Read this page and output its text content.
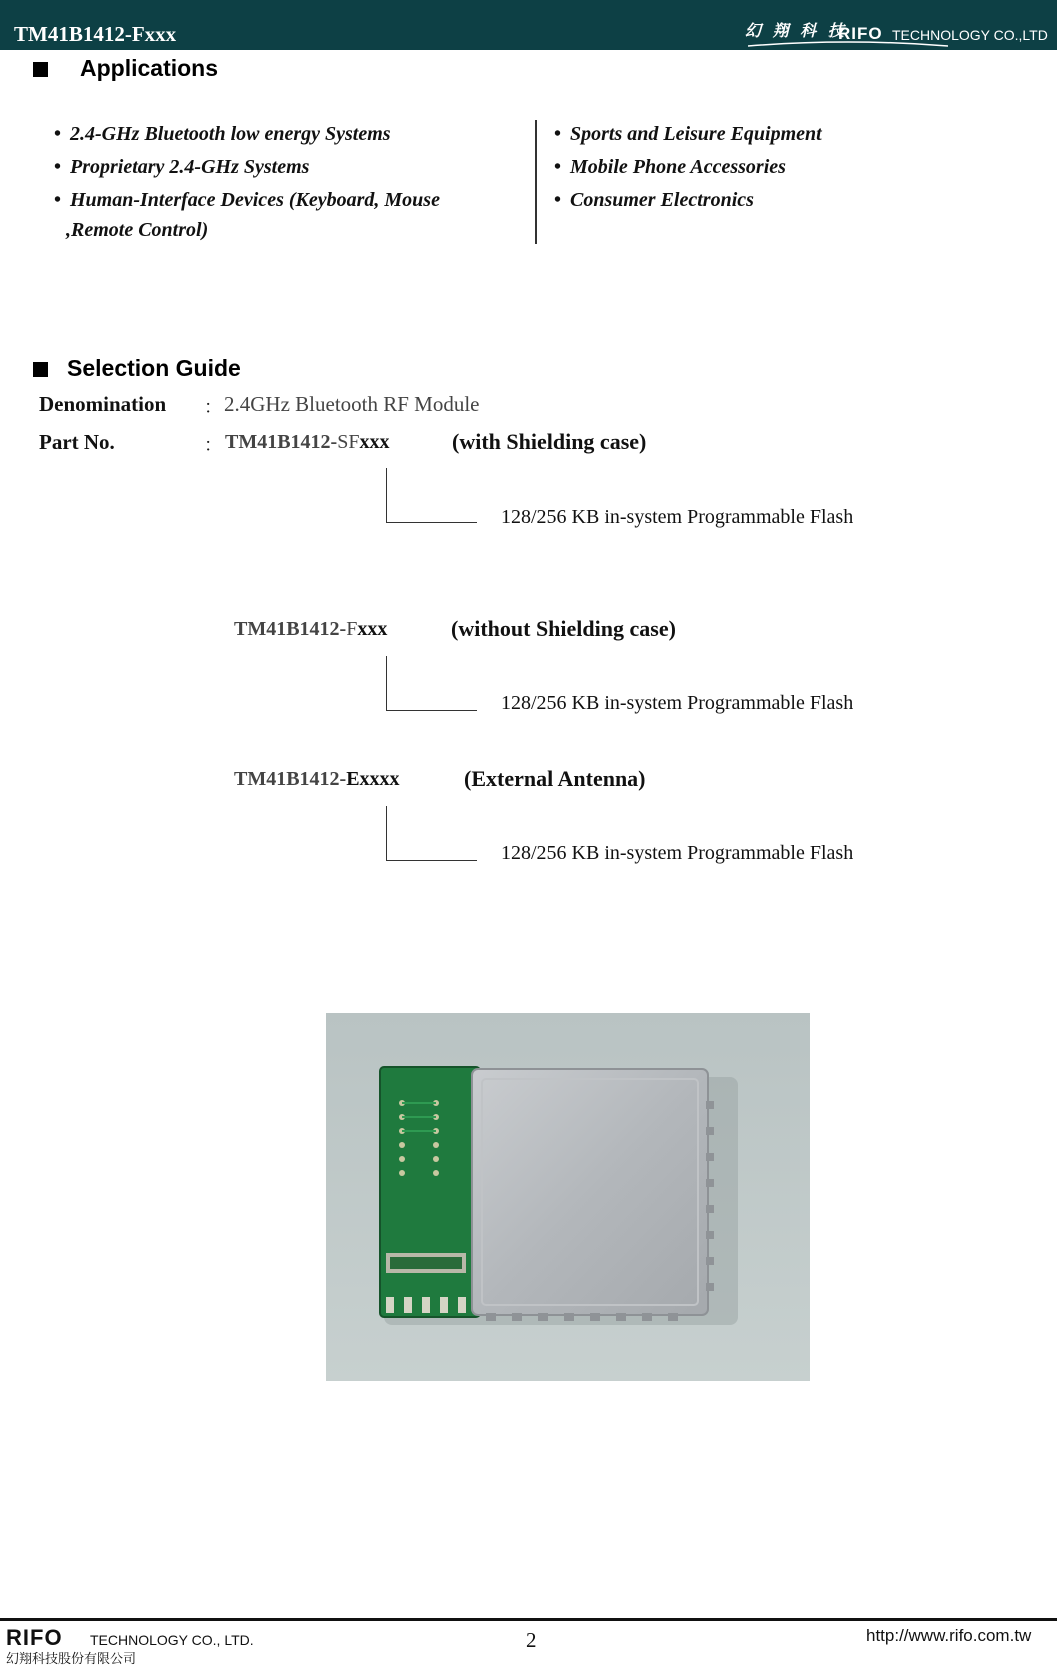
TM41B1412-Fxxx	幻 翔 科 技
RIFO TECHNOLOGY CO.,LTD
Applications
• 2.4-GHz Bluetooth low energy Systems
• Proprietary 2.4-GHz Systems
• Human-Interface Devices (Keyboard, Mouse
,Remote Control)
• Sports and Leisure Equipment
• Mobile Phone Accessories
• Consumer Electronics
Selection Guide
Denomination ： 2.4GHz Bluetooth RF Module
Part No.	： TM41B1412-SFxxx	(with Shielding case)
128/256 KB in-system Programmable Flash
TM41B1412-Fxxx	(without Shielding case)
128/256 KB in-system Programmable Flash
TM41B1412-Exxxx	(External Antenna)
128/256 KB in-system Programmable Flash
RIFO TECHNOLOGY CO., LTD.
幻翔科技股份有限公司
2	http://www.rifo.com.tw
